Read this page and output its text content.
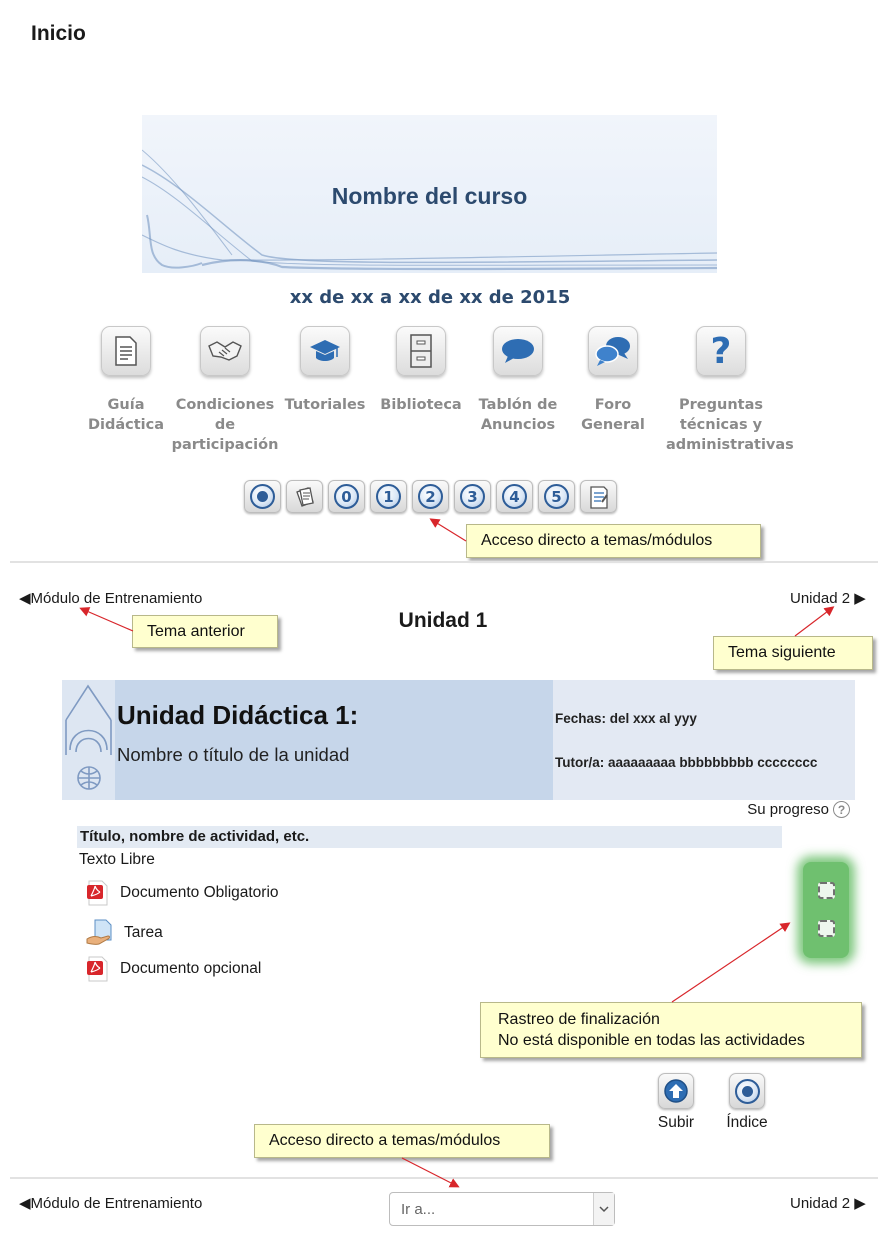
Inicio
Nombre del curso
xx de xx a xx de xx de 2015
Guía
Didáctica
Condiciones
de
participación
Tutoriales	Biblioteca	Tablón de
Anuncios
Foro
General
?
Preguntas
técnicas y
administrativas
0	1	2	3	4	5
Acceso directo a temas/módulos
◀Módulo de Entrenamiento	Unidad 2 ▶
Unidad 1
Tema anterior
Tema siguiente
Unidad Didáctica 1:
Nombre o título de la unidad
Fechas: del xxx al yyy
Tutor/a: aaaaaaaaa bbbbbbbbb cccccccc
Su progreso ?
Título, nombre de actividad, etc.
Texto Libre
Documento Obligatorio
Tarea
Documento opcional
Rastreo de finalización
No está disponible en todas las actividades
Subir Índice
Acceso directo a temas/módulos
◀Módulo de Entrenamiento	Ir a...	Unidad 2 ▶
